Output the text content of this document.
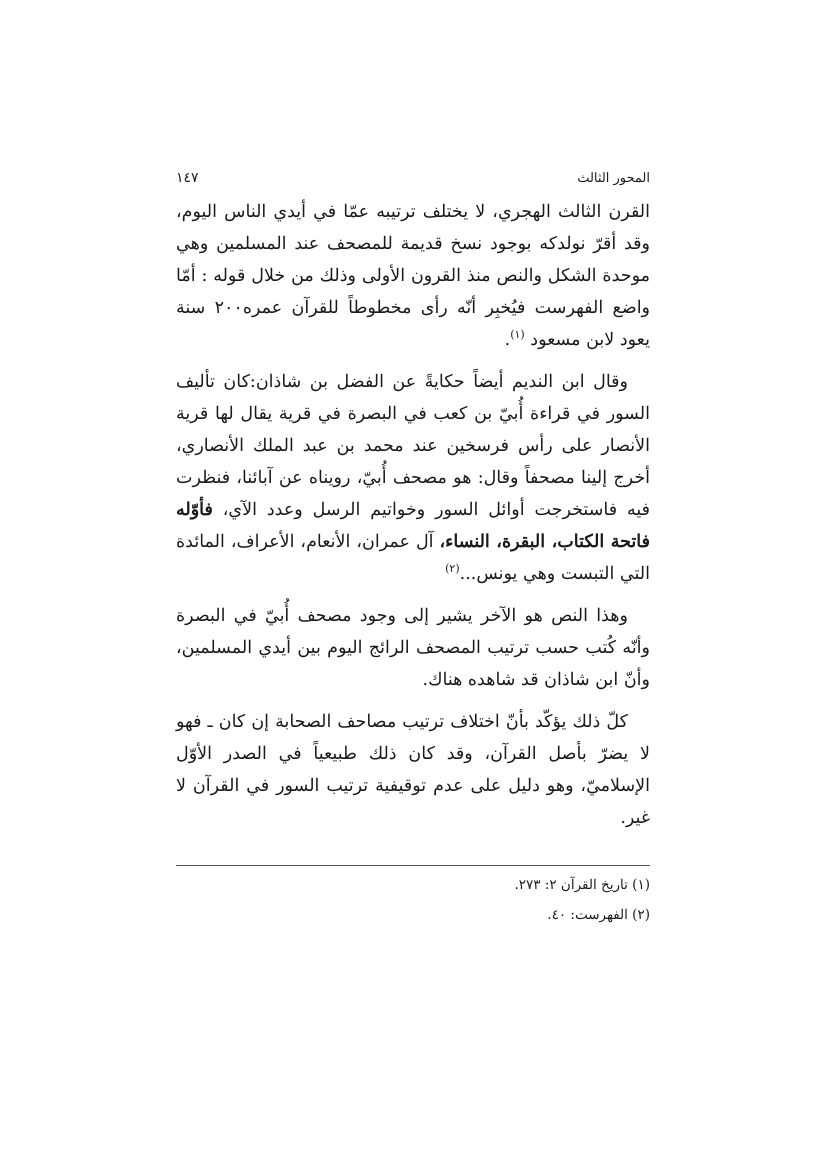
المحور الثالث
١٤٧

القرن الثالث الهجري، لا يختلف ترتيبه عمّا في أيدي الناس اليوم، وقد أقرّ نولدكه بوجود نسخ قديمة للمصحف عند المسلمين وهي موحدة الشكل والنص منذ القرون الأولى وذلك من خلال قوله : أمّا واضع الفهرست فيُخبِر أنّه رأى مخطوطاً للقرآن عمره٢٠٠ سنة يعود لابن مسعود $^{(١)}$.

وقال ابن النديم أيضاً حكايةً عن الفضل بن شاذان:كان تأليف السور في قراءة أُبيّ بن كعب في البصرة في قرية يقال لها قرية الأنصار على رأس فرسخين عند محمد بن عبد الملك الأنصاري، أخرج إلينا مصحفاً وقال: هو مصحف أُبيّ، رويناه عن آبائنا، فنظرت فيه فاستخرجت أوائل السور وخواتيم الرسل وعدد الآي، فأوّله فاتحة الكتاب، البقرة، النساء، آل عمران، الأنعام، الأعراف، المائدة التي التبست وهي يونس...$^{(٢)}$

وهذا النص هو الآخر يشير إلى وجود مصحف أُبيّ في البصرة وأنّه كُتب حسب ترتيب المصحف الرائج اليوم بين أيدي المسلمين، وأنّ ابن شاذان قد شاهده هناك.

كلّ ذلك يؤكّد بأنّ اختلاف ترتيب مصاحف الصحابة إن كان ـ فهو لا يضرّ بأصل القرآن، وقد كان ذلك طبيعياً في الصدر الأوّل الإسلاميّ، وهو دليل على عدم توقيفية ترتيب السور في القرآن لا غير.

(١) تاريخ القرآن ٢: ٢٧٣.

(٢) الفهرست: ٤٠.
